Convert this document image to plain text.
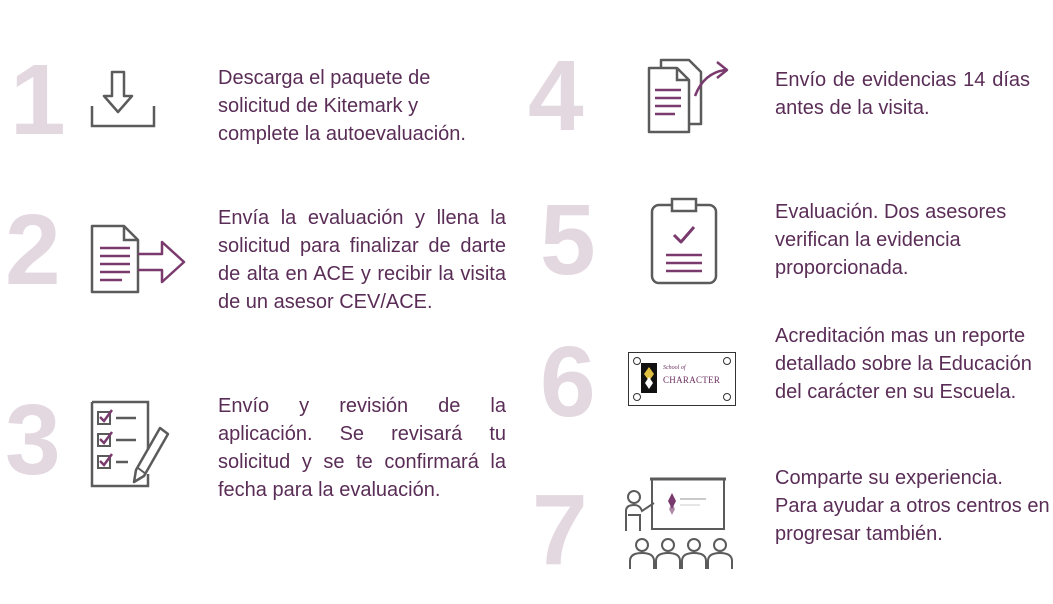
1	Descarga el paquete de solicitud de Kitemark y complete la autoevaluación.
2	Envía la evaluación y llena la solicitud para finalizar de darte de alta en ACE y recibir la visita de un asesor CEV/ACE.
3	Envío y revisión de la aplicación. Se revisará tu solicitud y se te confirmará la fecha para la evaluación.
4	Envío de evidencias 14 días antes de la visita.
5	Evaluación. Dos asesores verifican la evidencia proporcionada.
6	School of
CHARACTER
Acreditación mas un reporte detallado sobre la Educación del carácter en su Escuela.
7	Comparte su experiencia. Para ayudar a otros centros en progresar también.
